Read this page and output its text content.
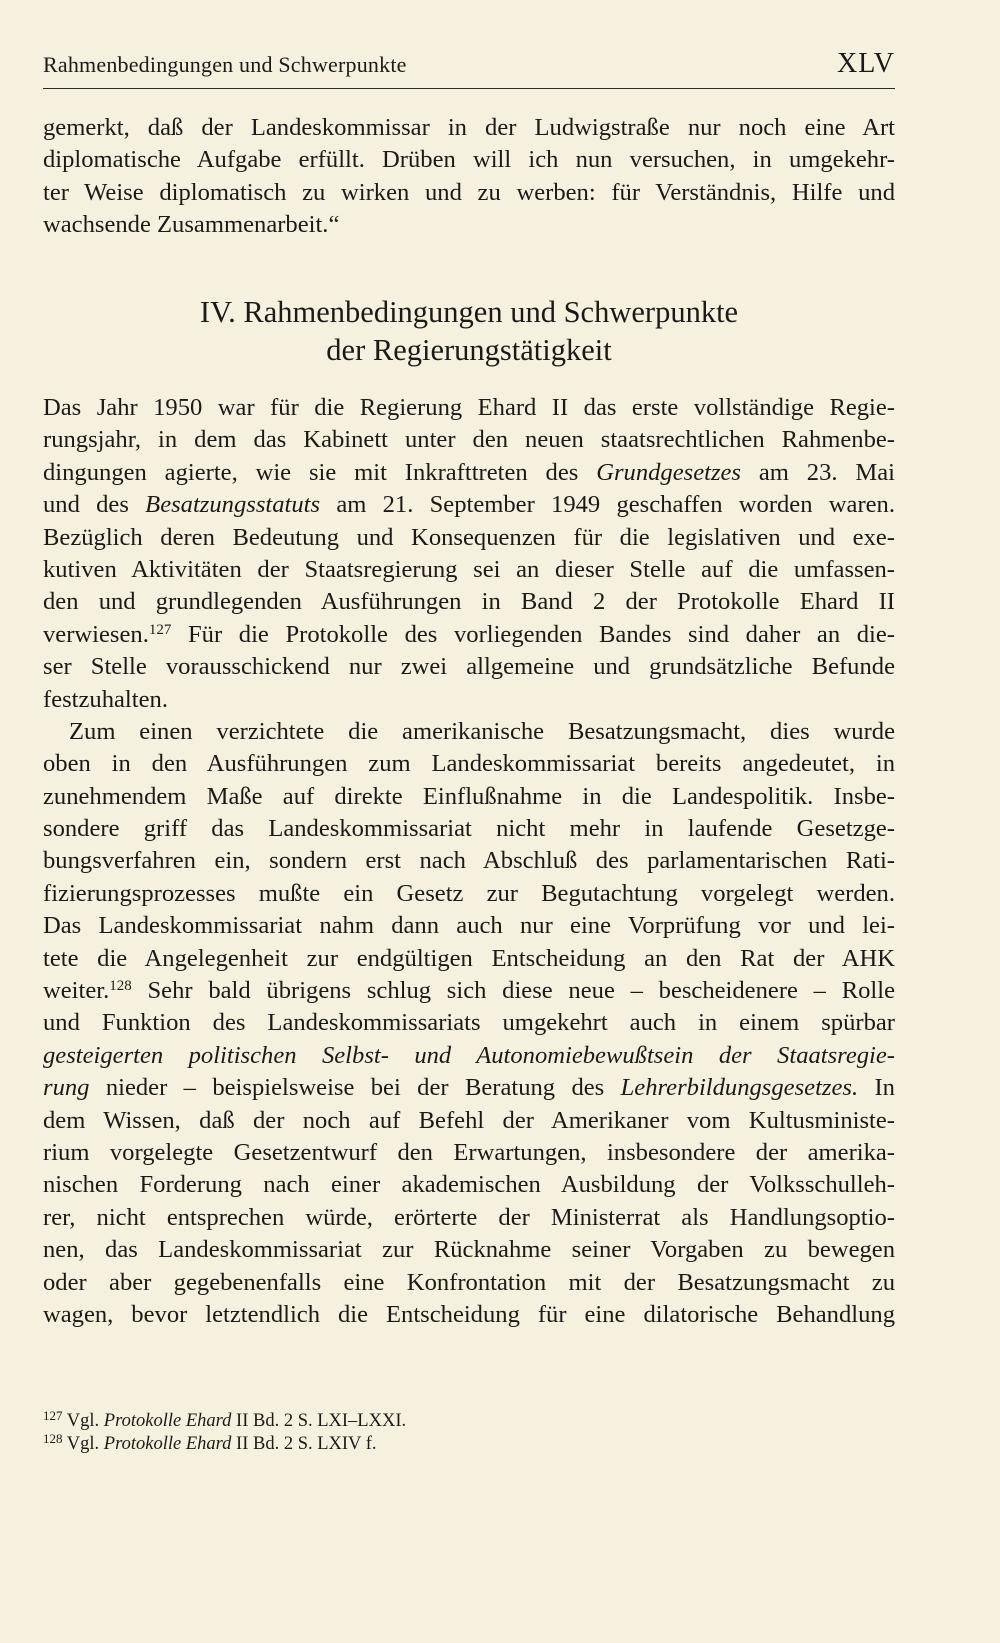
Rahmenbedingungen und Schwerpunkte	XLV
gemerkt, daß der Landeskommissar in der Ludwigstraße nur noch eine Art
diplomatische Aufgabe erfüllt. Drüben will ich nun versuchen, in umgekehr-
ter Weise diplomatisch zu wirken und zu werben: für Verständnis, Hilfe und
wachsende Zusammenarbeit.“
IV. Rahmenbedingungen und Schwerpunkte
der Regierungstätigkeit
Das Jahr 1950 war für die Regierung Ehard II das erste vollständige Regie-
rungsjahr, in dem das Kabinett unter den neuen staatsrechtlichen Rahmenbe-
dingungen agierte, wie sie mit Inkrafttreten des Grundgesetzes am 23. Mai
und des Besatzungsstatuts am 21. September 1949 geschaffen worden waren.
Bezüglich deren Bedeutung und Konsequenzen für die legislativen und exe-
kutiven Aktivitäten der Staatsregierung sei an dieser Stelle auf die umfassen-
den und grundlegenden Ausführungen in Band 2 der Protokolle Ehard II
verwiesen.$^{127}$ Für die Protokolle des vorliegenden Bandes sind daher an die-
ser Stelle vorausschickend nur zwei allgemeine und grundsätzliche Befunde
festzuhalten.
Zum einen verzichtete die amerikanische Besatzungsmacht, dies wurde
oben in den Ausführungen zum Landeskommissariat bereits angedeutet, in
zunehmendem Maße auf direkte Einflußnahme in die Landespolitik. Insbe-
sondere griff das Landeskommissariat nicht mehr in laufende Gesetzge-
bungsverfahren ein, sondern erst nach Abschluß des parlamentarischen Rati-
fizierungsprozesses mußte ein Gesetz zur Begutachtung vorgelegt werden.
Das Landeskommissariat nahm dann auch nur eine Vorprüfung vor und lei-
tete die Angelegenheit zur endgültigen Entscheidung an den Rat der AHK
weiter.$^{128}$ Sehr bald übrigens schlug sich diese neue – bescheidenere – Rolle
und Funktion des Landeskommissariats umgekehrt auch in einem spürbar
gesteigerten politischen Selbst- und Autonomiebewußtsein der Staatsregie-
rung nieder – beispielsweise bei der Beratung des Lehrerbildungsgesetzes. In
dem Wissen, daß der noch auf Befehl der Amerikaner vom Kultusministe-
rium vorgelegte Gesetzentwurf den Erwartungen, insbesondere der amerika-
nischen Forderung nach einer akademischen Ausbildung der Volksschulleh-
rer, nicht entsprechen würde, erörterte der Ministerrat als Handlungsoptio-
nen, das Landeskommissariat zur Rücknahme seiner Vorgaben zu bewegen
oder aber gegebenenfalls eine Konfrontation mit der Besatzungsmacht zu
wagen, bevor letztendlich die Entscheidung für eine dilatorische Behandlung
$^{127}$ Vgl. Protokolle Ehard II Bd. 2 S. LXI–LXXI.
$^{128}$ Vgl. Protokolle Ehard II Bd. 2 S. LXIV f.
